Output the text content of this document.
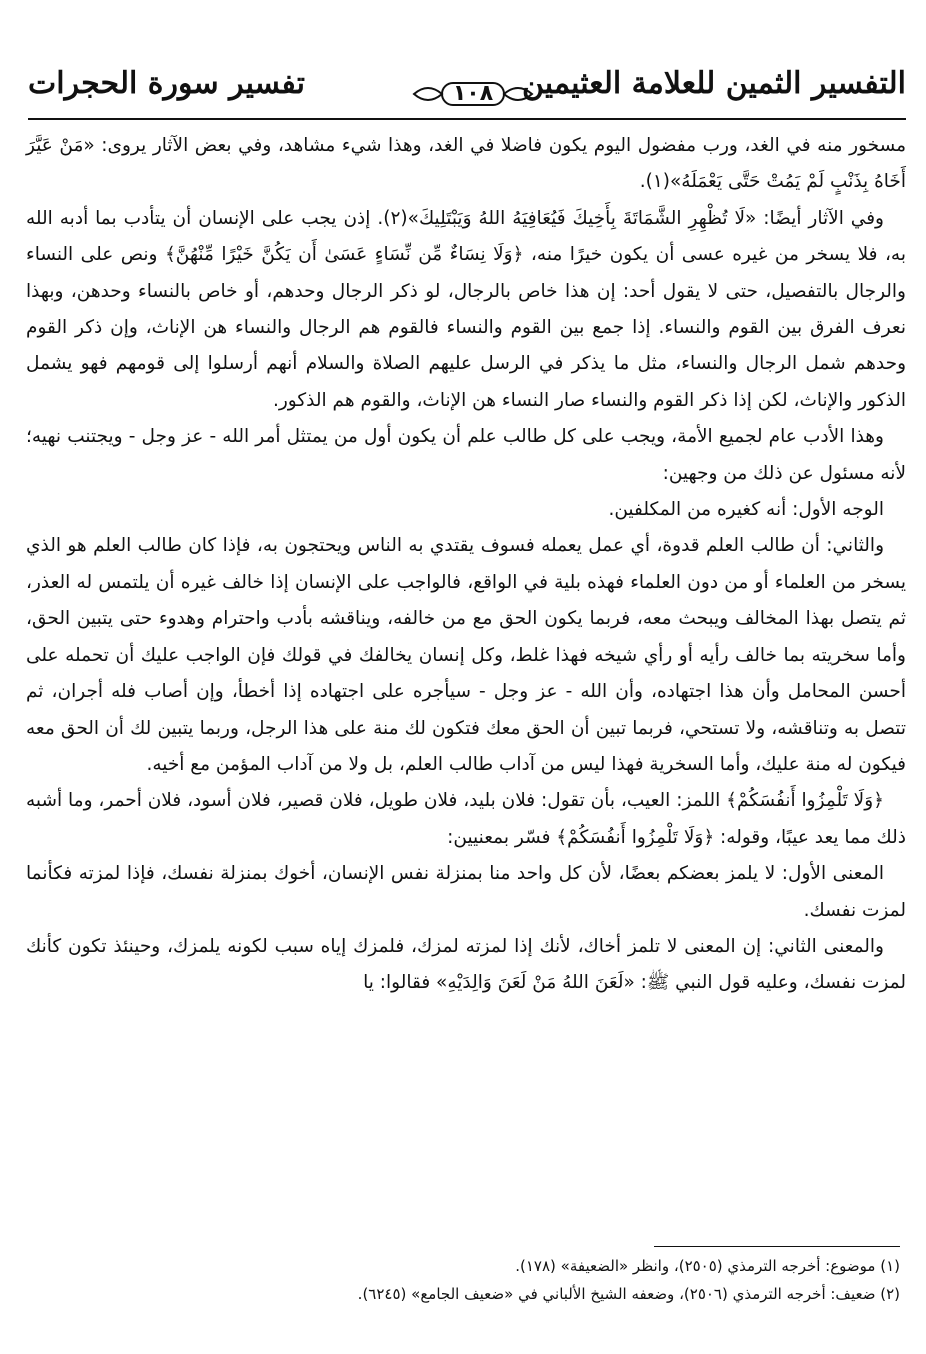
التفسير الثمين للعلامة العثيمين
١٠٨
تفسير سورة الحجرات

مسخور منه في الغد، ورب مفضول اليوم يكون فاضلا في الغد، وهذا شيء مشاهد، وفي بعض الآثار يروى: «مَنْ عَيَّرَ أَخَاهُ بِذَنْبٍ لَمْ يَمُتْ حَتَّى يَعْمَلَهُ»(١).

وفي الآثار أيضًا: «لَا تُظْهِرِ الشَّمَاتَةَ بِأَخِيكَ فَيُعَافِيَهُ اللهُ وَيَبْتَلِيكَ»(٢). إذن يجب على الإنسان أن يتأدب بما أدبه الله به، فلا يسخر من غيره عسى أن يكون خيرًا منه، ﴿وَلَا نِسَاءٌ مِّن نِّسَاءٍ عَسَىٰ أَن يَكُنَّ خَيْرًا مِّنْهُنَّ﴾ ونص على النساء والرجال بالتفصيل، حتى لا يقول أحد: إن هذا خاص بالرجال، لو ذكر الرجال وحدهم، أو خاص بالنساء وحدهن، وبهذا نعرف الفرق بين القوم والنساء. إذا جمع بين القوم والنساء فالقوم هم الرجال والنساء هن الإناث، وإن ذكر القوم وحدهم شمل الرجال والنساء، مثل ما يذكر في الرسل عليهم الصلاة والسلام أنهم أرسلوا إلى قومهم فهو يشمل الذكور والإناث، لكن إذا ذكر القوم والنساء صار النساء هن الإناث، والقوم هم الذكور.

وهذا الأدب عام لجميع الأمة، ويجب على كل طالب علم أن يكون أول من يمتثل أمر الله - عز وجل - ويجتنب نهيه؛ لأنه مسئول عن ذلك من وجهين:

الوجه الأول: أنه كغيره من المكلفين.

والثاني: أن طالب العلم قدوة، أي عمل يعمله فسوف يقتدي به الناس ويحتجون به، فإذا كان طالب العلم هو الذي يسخر من العلماء أو من دون العلماء فهذه بلية في الواقع، فالواجب على الإنسان إذا خالف غيره أن يلتمس له العذر، ثم يتصل بهذا المخالف ويبحث معه، فربما يكون الحق مع من خالفه، ويناقشه بأدب واحترام وهدوء حتى يتبين الحق، وأما سخريته بما خالف رأيه أو رأي شيخه فهذا غلط، وكل إنسان يخالفك في قولك فإن الواجب عليك أن تحمله على أحسن المحامل وأن هذا اجتهاده، وأن الله - عز وجل - سيأجره على اجتهاده إذا أخطأ، وإن أصاب فله أجران، ثم تتصل به وتناقشه، ولا تستحي، فربما تبين أن الحق معك فتكون لك منة على هذا الرجل، وربما يتبين لك أن الحق معه فيكون له منة عليك، وأما السخرية فهذا ليس من آداب طالب العلم، بل ولا من آداب المؤمن مع أخيه.

﴿وَلَا تَلْمِزُوا أَنفُسَكُمْ﴾ اللمز: العيب، بأن تقول: فلان بليد، فلان طويل، فلان قصير، فلان أسود، فلان أحمر، وما أشبه ذلك مما يعد عيبًا، وقوله: ﴿وَلَا تَلْمِزُوا أَنفُسَكُمْ﴾ فسّر بمعنيين:

المعنى الأول: لا يلمز بعضكم بعضًا، لأن كل واحد منا بمنزلة نفس الإنسان، أخوك بمنزلة نفسك، فإذا لمزته فكأنما لمزت نفسك.

والمعنى الثاني: إن المعنى لا تلمز أخاك، لأنك إذا لمزته لمزك، فلمزك إياه سبب لكونه يلمزك، وحينئذ تكون كأنك لمزت نفسك، وعليه قول النبي ﷺ: «لَعَنَ اللهُ مَنْ لَعَنَ وَالِدَيْهِ» فقالوا: يا

(١) موضوع: أخرجه الترمذي (٢٥٠٥)، وانظر «الضعيفة» (١٧٨).

(٢) ضعيف: أخرجه الترمذي (٢٥٠٦)، وضعفه الشيخ الألباني في «ضعيف الجامع» (٦٢٤٥).
